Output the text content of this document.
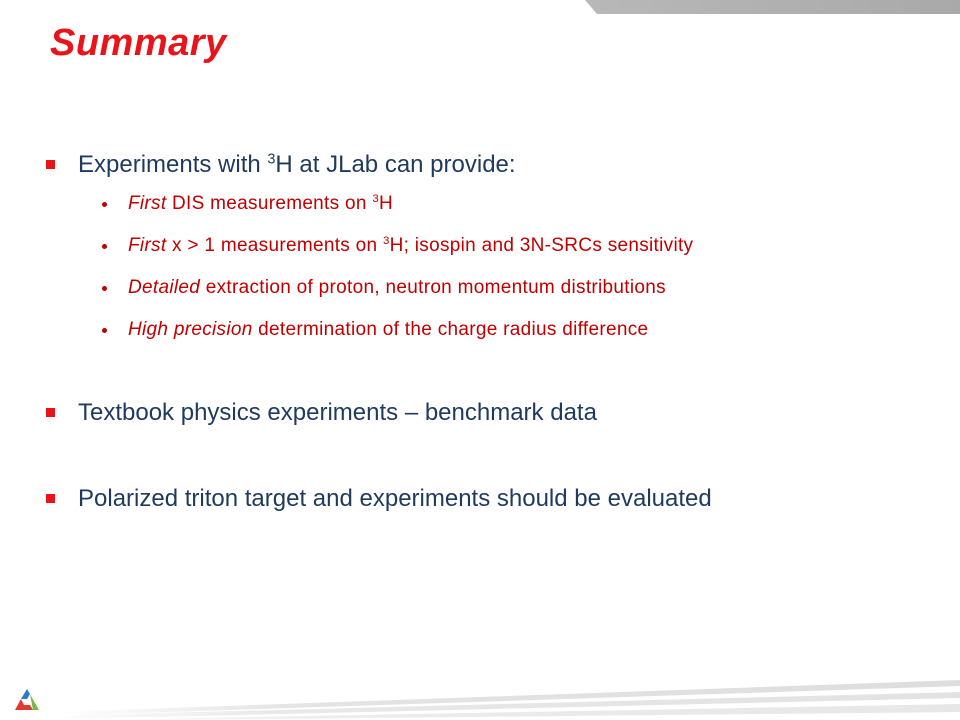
Summary
Experiments with $^3$H at JLab can provide:
First DIS measurements on $^3$H
First x > 1 measurements on $^3$H; isospin and 3N-SRCs sensitivity
Detailed extraction of proton, neutron momentum distributions
High precision determination of the charge radius difference
Textbook physics experiments – benchmark data
Polarized triton target and experiments should be evaluated
